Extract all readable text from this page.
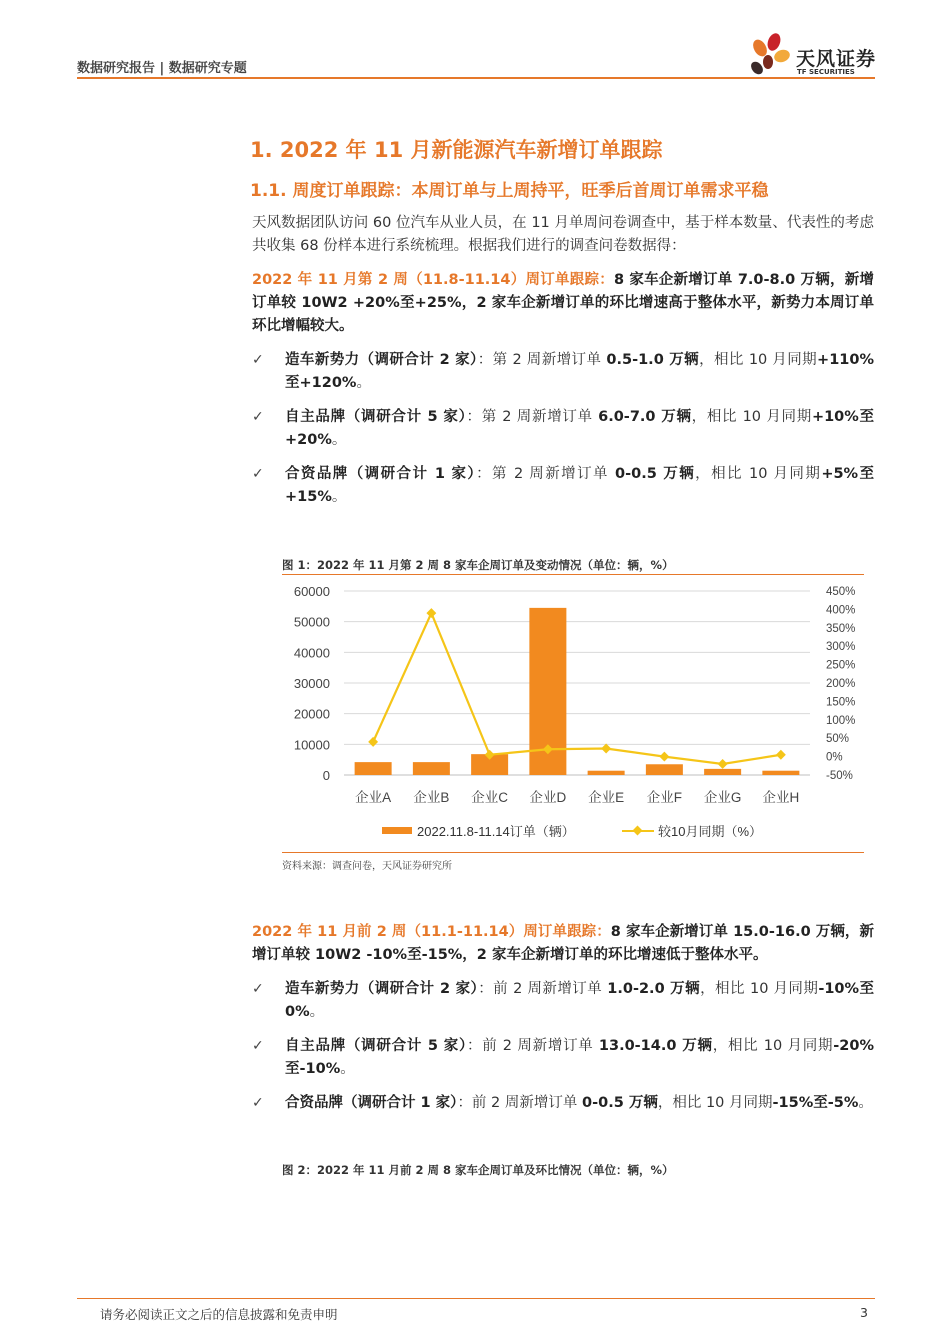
数据研究报告 | 数据研究专题	天风证券
TF SECURITIES
1. 2022 年 11 月新能源汽车新增订单跟踪
1.1. 周度订单跟踪：本周订单与上周持平，旺季后首周订单需求平稳
天风数据团队访问 60 位汽车从业人员，在 11 月单周问卷调查中，基于样本数量、代表性的考虑共收集 68 份样本进行系统梳理。根据我们进行的调查问卷数据得：
2022 年 11 月第 2 周（11.8-11.14）周订单跟踪：8 家车企新增订单 7.0-8.0 万辆，新增订单较 10W2 +20%至+25%，2 家车企新增订单的环比增速高于整体水平，新势力本周订单环比增幅较大。
✓ 造车新势力（调研合计 2 家）：第 2 周新增订单 0.5-1.0 万辆，相比 10 月同期+110%至+120%。
✓ 自主品牌（调研合计 5 家）：第 2 周新增订单 6.0-7.0 万辆，相比 10 月同期+10%至+20%。
✓ 合资品牌（调研合计 1 家）：第 2 周新增订单 0-0.5 万辆，相比 10 月同期+5%至+15%。
图 1：2022 年 11 月第 2 周 8 家车企周订单及变动情况（单位：辆，%）
0
10000
20000
30000
40000
50000
60000
-50%
0%
50%
100%
150%
200%
250%
300%
350%
400%
450%
企业A 企业B 企业C 企业D 企业E 企业F 企业G 企业H
2022.11.8-11.14订单（辆）	较10月同期（%）
资料来源：调查问卷，天风证券研究所
2022 年 11 月前 2 周（11.1-11.14）周订单跟踪：8 家车企新增订单 15.0-16.0 万辆，新增订单较 10W2 -10%至-15%，2 家车企新增订单的环比增速低于整体水平。
✓ 造车新势力（调研合计 2 家）：前 2 周新增订单 1.0-2.0 万辆，相比 10 月同期-10%至 0%。
✓ 自主品牌（调研合计 5 家）：前 2 周新增订单 13.0-14.0 万辆，相比 10 月同期-20%至-10%。
✓ 合资品牌（调研合计 1 家）：前 2 周新增订单 0-0.5 万辆，相比 10 月同期-15%至-5%。
图 2：2022 年 11 月前 2 周 8 家车企周订单及环比情况（单位：辆，%）
请务必阅读正文之后的信息披露和免责申明	3
